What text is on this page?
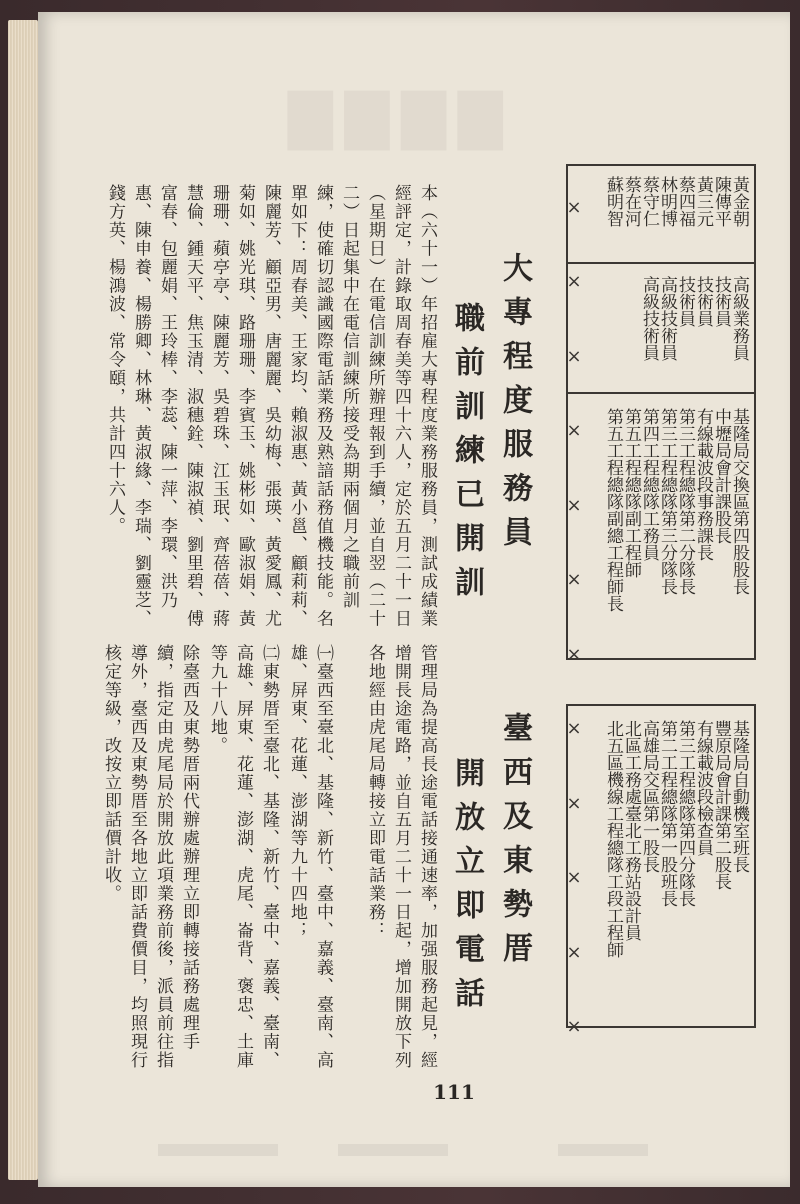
▇▇▇▇
大專程度服務員
職前訓練已開訓
本（六十一）年招雇大專程度業務服務員，測試成績業經評定，計錄取周春美等四十六人，定於五月二十一日（星期日）在電信訓練所辦理報到手續，並自翌（二十二）日起集中在電信訓練所接受為期兩個月之職前訓練，使確切認識國際電話業務及熟諳話務值機技能。名單如下：周春美、王家均、賴淑惠、黃小邕、顧莉莉、陳麗芳、顧亞男、唐麗麗、吳幼梅、張瑛、黃愛鳳、尤菊如、姚光琪、路珊珊、李賓玉、姚彬如、歐淑娟、黃珊珊、蘋亭亭、陳麗芳、吳碧珠、江玉珉、齊蓓蓓、蔣慧倫、鍾天平、焦玉清、淑穗銓、陳淑禎、劉里碧、傅富春、包麗娟、王玲棒、李蕊、陳一萍、李環、洪乃惠、陳申養、楊勝卿、林琳、黃淑緣、李瑞、劉靈芝、錢方英、楊鴻波、常令頤，共計四十六人。
臺西及東勢厝
開放立即電話
管理局為提高長途電話接通速率，加强服務起見，經增開長途電路，並自五月二十一日起，增加開放下列各地經由虎尾局轉接立即電話業務：
㈠臺西至臺北、基隆、新竹、臺中、嘉義、臺南、高雄、屏東、花蓮、澎湖等九十四地；
㈡東勢厝至臺北、基隆、新竹、臺中、嘉義、臺南、高雄、屏東、花蓮、澎湖、虎尾、崙背、褒忠、土庫等九十八地。
除臺西及東勢厝兩代辦處辦理立即轉接話務處理手續，指定由虎尾局於開放此項業務前後，派員前往指導外，臺西及東勢厝至各地立即話費價目，均照現行核定等級，改按立即話價計收。
×
×
×
×
×
×
×
×
×
×
×
×

黃金朝

陳傳平

黃三元

蔡四福

林明博

蔡守仁

蔡在河

蘇明智

高級業務員

技術員

技術員

技術員

高級技術員

高級技術員

基隆局交換區第四股股長

中壢局會計課股長

有線載波段事務課長

第三工程總隊第二分隊長

第三工程總隊第三分隊長

第四工程總隊工務員

第五工程總隊副工程師

第五工程總隊副總工程師長

基隆局自動機室班長

豐原局會計課第二股長

有線載波段檢查員

第三工程總隊第四分隊長

第二工程總隊第一股班長

高雄局交區第一股長

北區工務處臺北工務站設計員

北五區機線工程總隊工段工程師

111
